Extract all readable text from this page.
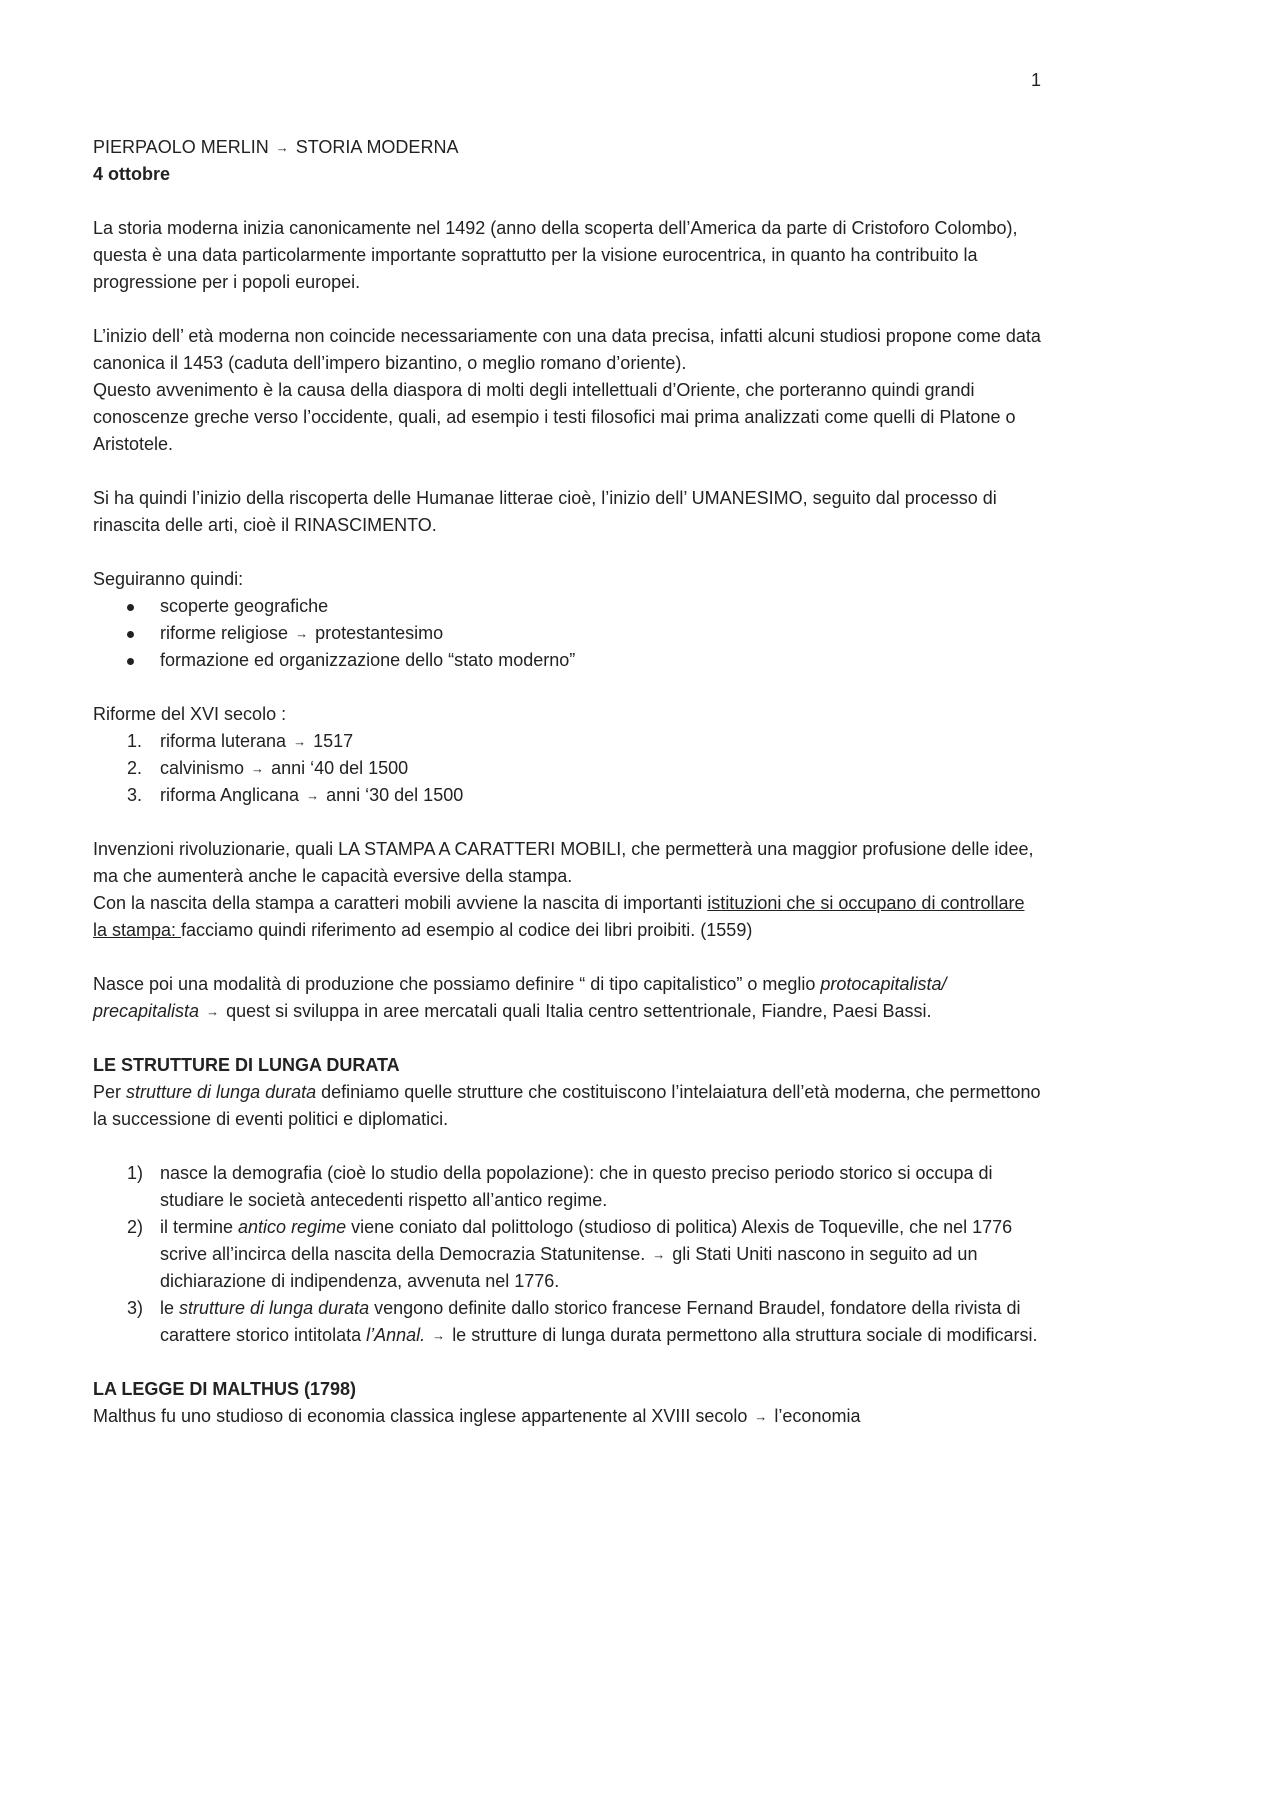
1

PIERPAOLO MERLIN → STORIA MODERNA

4 ottobre

La storia moderna inizia canonicamente nel 1492 (anno della scoperta dell’America da parte di Cristoforo Colombo), questa è una data particolarmente importante soprattutto per la visione eurocentrica, in quanto ha contribuito la progressione per i popoli europei.

L’inizio dell’ età moderna non coincide necessariamente con una data precisa, infatti alcuni studiosi propone come data canonica il 1453 (caduta dell’impero bizantino, o meglio romano d’oriente).

Questo avvenimento è la causa della diaspora di molti degli intellettuali d’Oriente, che porteranno quindi grandi conoscenze greche verso l’occidente, quali, ad esempio i testi filosofici mai prima analizzati come quelli di Platone o Aristotele.

Si ha quindi l’inizio della riscoperta delle Humanae litterae cioè, l’inizio dell’ UMANESIMO, seguito dal processo di rinascita delle arti, cioè il RINASCIMENTO.

Seguiranno quindi:

scoperte geografiche
riforme religiose → protestantesimo
formazione ed organizzazione dello “stato moderno”

Riforme del XVI secolo :

1. riforma luterana → 1517
2. calvinismo → anni ‘40 del 1500
3. riforma Anglicana → anni ‘30 del 1500

Invenzioni rivoluzionarie, quali LA STAMPA A CARATTERI MOBILI, che permetterà una maggior profusione delle idee, ma che aumenterà anche le capacità eversive della stampa.

Con la nascita della stampa a caratteri mobili avviene la nascita di importanti istituzioni che si occupano di controllare la stampa: facciamo quindi riferimento ad esempio al codice dei libri proibiti. (1559)

Nasce poi una modalità di produzione che possiamo definire “ di tipo capitalistico” o meglio protocapitalista/ precapitalista → quest si sviluppa in aree mercatali quali Italia centro settentrionale, Fiandre, Paesi Bassi.

LE STRUTTURE DI LUNGA DURATA

Per strutture di lunga durata definiamo quelle strutture che costituiscono l’intelaiatura dell’età moderna, che permettono la successione di eventi politici e diplomatici.

1) nasce la demografia (cioè lo studio della popolazione): che in questo preciso periodo storico si occupa di studiare le società antecedenti rispetto all’antico regime.
2) il termine antico regime viene coniato dal polittologo (studioso di politica) Alexis de Toqueville, che nel 1776 scrive all’incirca della nascita della Democrazia Statunitense. → gli Stati Uniti nascono in seguito ad un dichiarazione di indipendenza, avvenuta nel 1776.
3) le strutture di lunga durata vengono definite dallo storico francese Fernand Braudel, fondatore della rivista di carattere storico intitolata l’Annal. → le strutture di lunga durata permettono alla struttura sociale di modificarsi.

LA LEGGE DI MALTHUS (1798)

Malthus fu uno studioso di economia classica inglese appartenente al XVIII secolo → l’economia
